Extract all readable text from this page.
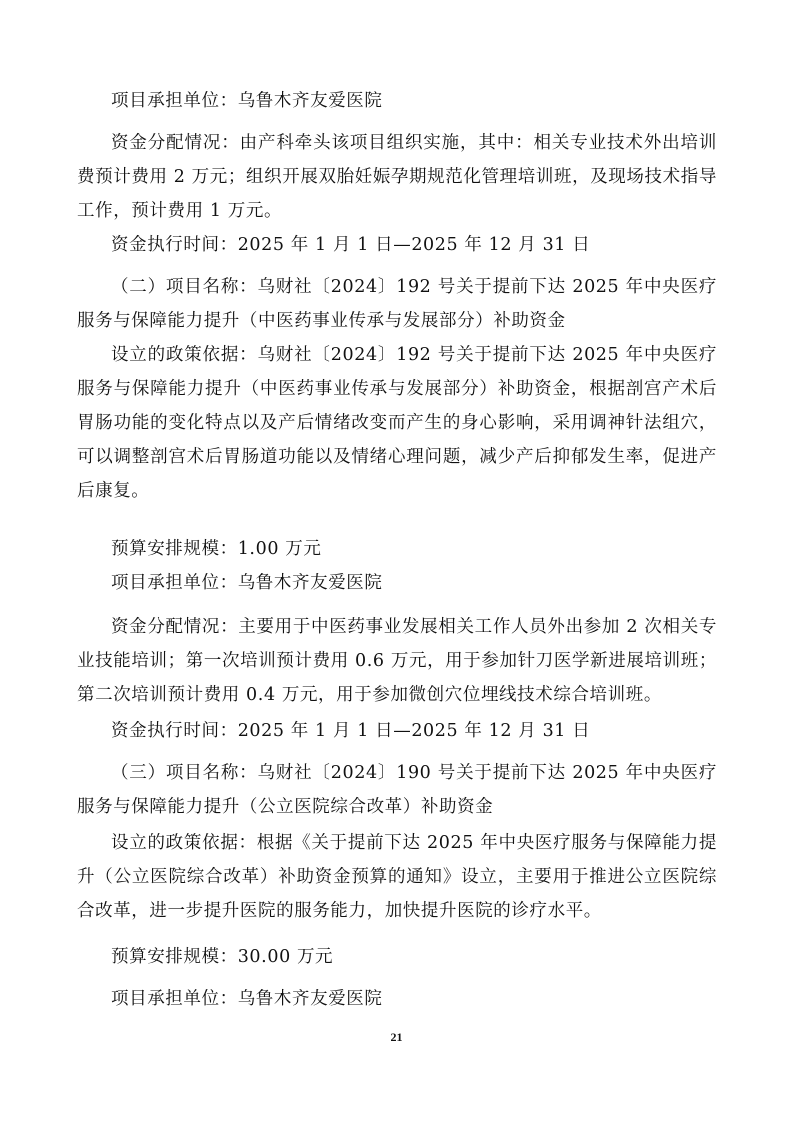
项目承担单位：乌鲁木齐友爱医院

资金分配情况：由产科牵头该项目组织实施，其中：相关专业技术外出培训费预计费用 2 万元；组织开展双胎妊娠孕期规范化管理培训班，及现场技术指导工作，预计费用 1 万元。

资金执行时间：2025 年 1 月 1 日—2025 年 12 月 31 日

（二）项目名称：乌财社〔2024〕192 号关于提前下达 2025 年中央医疗服务与保障能力提升（中医药事业传承与发展部分）补助资金

设立的政策依据：乌财社〔2024〕192 号关于提前下达 2025 年中央医疗服务与保障能力提升（中医药事业传承与发展部分）补助资金，根据剖宫产术后胃肠功能的变化特点以及产后情绪改变而产生的身心影响，采用调神针法组穴，可以调整剖宫术后胃肠道功能以及情绪心理问题，减少产后抑郁发生率，促进产后康复。

预算安排规模：1.00 万元

项目承担单位：乌鲁木齐友爱医院

资金分配情况：主要用于中医药事业发展相关工作人员外出参加 2 次相关专业技能培训；第一次培训预计费用 0.6 万元，用于参加针刀医学新进展培训班；第二次培训预计费用 0.4 万元，用于参加微创穴位埋线技术综合培训班。

资金执行时间：2025 年 1 月 1 日—2025 年 12 月 31 日

（三）项目名称：乌财社〔2024〕190 号关于提前下达 2025 年中央医疗服务与保障能力提升（公立医院综合改革）补助资金

设立的政策依据：根据《关于提前下达 2025 年中央医疗服务与保障能力提升（公立医院综合改革）补助资金预算的通知》设立，主要用于推进公立医院综合改革，进一步提升医院的服务能力，加快提升医院的诊疗水平。

预算安排规模：30.00 万元

项目承担单位：乌鲁木齐友爱医院

21
